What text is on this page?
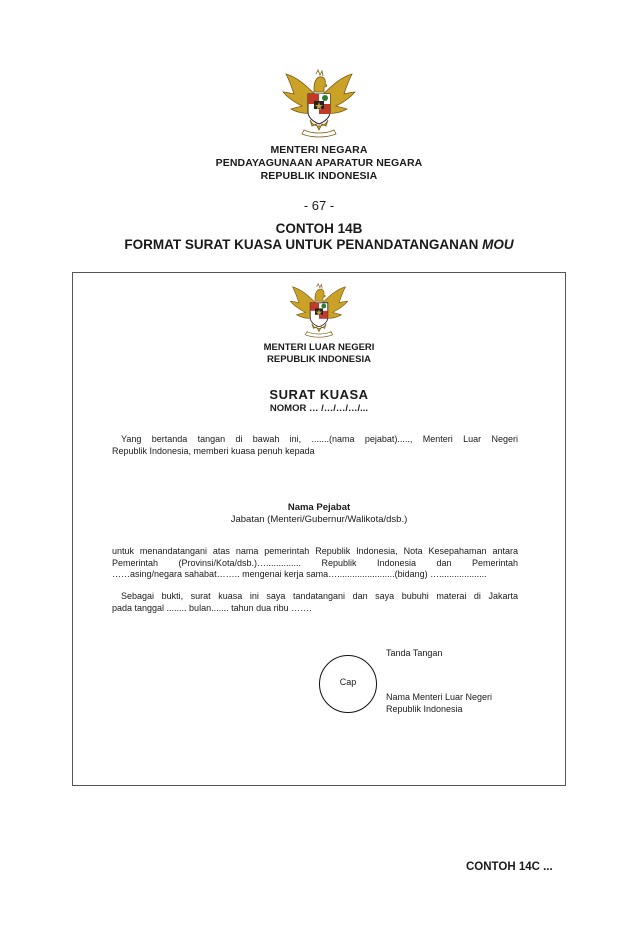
MENTERI NEGARA
PENDAYAGUNAAN APARATUR NEGARA
REPUBLIK INDONESIA
- 67 -
CONTOH 14B
FORMAT SURAT KUASA UNTUK PENANDATANGANAN MOU
MENTERI LUAR NEGERI
REPUBLIK INDONESIA
SURAT KUASA
NOMOR … /…/…/…/...
Yang bertanda tangan di bawah ini, .......(nama pejabat)....., Menteri Luar Negeri
Republik Indonesia, memberi kuasa penuh kepada
Nama Pejabat
Jabatan (Menteri/Gubernur/Walikota/dsb.)
untuk menandatangani atas nama pemerintah Republik Indonesia, Nota Kesepahaman antara
Pemerintah (Provinsi/Kota/dsb.)….............. Republik Indonesia dan Pemerintah
……asing/negara sahabat…….. mengenai kerja sama….......................(bidang) …...................
Sebagai bukti, surat kuasa ini saya tandatangani dan saya bubuhi materai di Jakarta
pada tanggal ........ bulan....... tahun dua ribu …….
Tanda Tangan
Cap
Nama Menteri Luar Negeri
Republik Indonesia
CONTOH 14C ...
